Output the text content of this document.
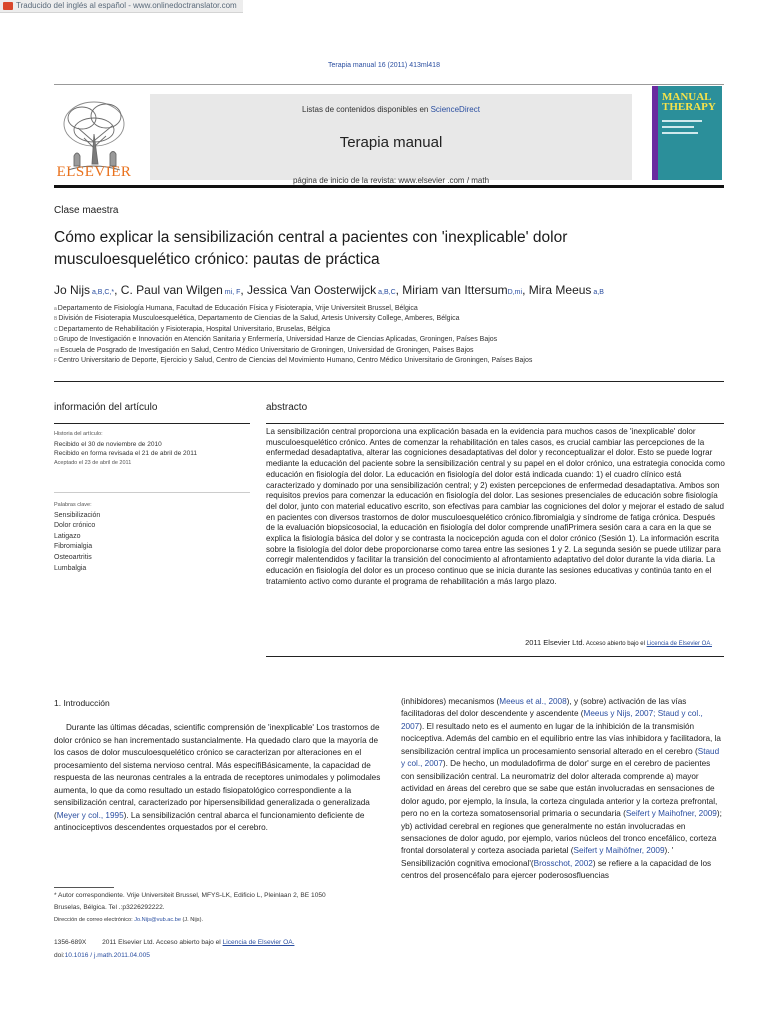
Traducido del inglés al español - www.onlinedoctranslator.com
Terapia manual 16 (2011) 413ml418
ELSEVIER
Listas de contenidos disponibles en ScienceDirect
Terapia manual
página de inicio de la revista: www.elsevier .com / math
MANUAL THERAPY
Clase maestra
Cómo explicar la sensibilización central a pacientes con 'inexplicable' dolor musculoesquelético crónico: pautas de práctica
Jo Nijs a,B,C,*, C. Paul van Wilgen mi, F, Jessica Van Oosterwijck a,B,C, Miriam van IttersumD,mi, Mira Meeus a,B
aDepartamento de Fisiología Humana, Facultad de Educación Física y Fisioterapia, Vrije Universiteit Brussel, Bélgica
BDivisión de Fisioterapia Musculoesquelética, Departamento de Ciencias de la Salud, Artesis University College, Amberes, Bélgica
CDepartamento de Rehabilitación y Fisioterapia, Hospital Universitario, Bruselas, Bélgica
DGrupo de Investigación e Innovación en Atención Sanitaria y Enfermería, Universidad Hanze de Ciencias Aplicadas, Groningen, Países Bajos
miEscuela de Posgrado de Investigación en Salud, Centro Médico Universitario de Groningen, Universidad de Groningen, Países Bajos
FCentro Universitario de Deporte, Ejercicio y Salud, Centro de Ciencias del Movimiento Humano, Centro Médico Universitario de Groningen, Países Bajos
información del artículo
Historia del artículo:
Recibido el 30 de noviembre de 2010
Recibido en forma revisada el 21 de abril de 2011
Aceptado el 23 de abril de 2011
Palabras clave:
Sensibilización
Dolor crónico
Latigazo
Fibromialgia
Osteoartritis
Lumbalgia
abstracto
La sensibilización central proporciona una explicación basada en la evidencia para muchos casos de 'inexplicable' dolor musculoesquelético crónico. Antes de comenzar la rehabilitación en tales casos, es crucial cambiar las percepciones de la enfermedad desadaptativa, alterar las cogniciones desadaptativas del dolor y reconceptualizar el dolor. Esto se puede lograr mediante la educación del paciente sobre la sensibilización central y su papel en el dolor crónico, una estrategia conocida como educación en fisiología del dolor. La educación en fisiología del dolor está indicada cuando: 1) el cuadro clínico está caracterizado y dominado por una sensibilización central; y 2) existen percepciones de enfermedad desadaptativa. Ambos son requisitos previos para comenzar la educación en fisiología del dolor. Las sesiones presenciales de educación sobre fisiología del dolor, junto con material educativo escrito, son efectivas para cambiar las cogniciones del dolor y mejorar el estado de salud en pacientes con diversos trastornos de dolor musculoesquelético crónico.fibromialgia y síndrome de fatiga crónica. Después de la evaluación biopsicosocial, la educación en fisiología del dolor comprende unafiPrimera sesión cara a cara en la que se explica la fisiología básica del dolor y se contrasta la nocicepción aguda con el dolor crónico (Sesión 1). La información escrita sobre la fisiología del dolor debe proporcionarse como tarea entre las sesiones 1 y 2. La segunda sesión se puede utilizar para corregir malentendidos y facilitar la transición del conocimiento al afrontamiento adaptativo del dolor durante la vida diaria. La educación en fisiología del dolor es un proceso continuo que se inicia durante las sesiones educativas y continúa tanto en el tratamiento activo como durante el programa de rehabilitación a más largo plazo.
2011 Elsevier Ltd. Acceso abierto bajo el Licencia de Elsevier OA.
1. Introducción
Durante las últimas décadas, scientific comprensión de 'inexplicable' Los trastornos de dolor crónico se han incrementado sustancialmente. Ha quedado claro que la mayoría de los casos de dolor musculoesquelético crónico se caracterizan por alteraciones en el procesamiento del sistema nervioso central. Más especifiBásicamente, la capacidad de respuesta de las neuronas centrales a la entrada de receptores unimodales y polimodales aumenta, lo que da como resultado un estado fisiopatológico correspondiente a la sensibilización central, caracterizado por hipersensibilidad generalizada o generalizada (Meyer y col., 1995). La sensibilización central abarca el funcionamiento deficiente de antinociceptivos descendentes orquestados por el cerebro.
(inhibidores) mecanismos (Meeus et al., 2008), y (sobre) activación de las vías facilitadoras del dolor descendente y ascendente (Meeus y Nijs, 2007; Staud y col., 2007). El resultado neto es el aumento en lugar de la inhibición de la transmisión nociceptiva. Además del cambio en el equilibrio entre las vías inhibidora y facilitadora, la sensibilización central implica un procesamiento sensorial alterado en el cerebro (Staud y col., 2007). De hecho, un moduladofirma de dolor' surge en el cerebro de pacientes con sensibilización central. La neuromatriz del dolor alterada comprende a) mayor actividad en áreas del cerebro que se sabe que están involucradas en sensaciones de dolor agudo, por ejemplo, la ínsula, la corteza cingulada anterior y la corteza prefrontal, pero no en la corteza somatosensorial primaria o secundaria (Seifert y Maihofner, 2009); yb) actividad cerebral en regiones que generalmente no están involucradas en sensaciones de dolor agudo, por ejemplo, varios núcleos del tronco encefálico, corteza frontal dorsolateral y corteza asociada parietal (Seifert y Maihöfner, 2009). ' Sensibilización cognitiva emocional'(Brosschot, 2002) se refiere a la capacidad de los centros del prosencéfalo para ejercer poderososfluencias
* Autor correspondiente. Vrije Universiteit Brussel, MFYS-LK, Edificio L, Pleinlaan 2, BE 1050 Bruselas, Bélgica. Tel .:p3226292222.
Dirección de correo electrónico: Jo.Nijs@vub.ac.be (J. Nijs).
1356-689X 2011 Elsevier Ltd. Acceso abierto bajo el Licencia de Elsevier OA.
doi:10.1016 / j.math.2011.04.005
